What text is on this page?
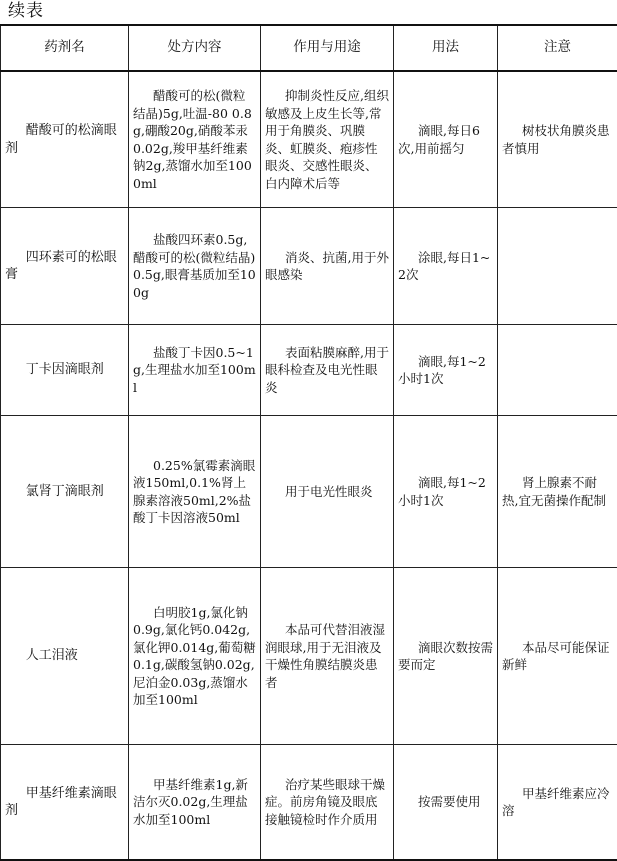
续表
药剂名	处方内容	作用与用途	用法	注意
醋酸可的松滴眼剂	醋酸可的松(微粒结晶)5g,吐温-80 0.8g,硼酸20g,硝酸苯汞0.02g,羧甲基纤维素钠2g,蒸馏水加至1000ml	抑制炎性反应,组织敏感及上皮生长等,常用于角膜炎、巩膜炎、虹膜炎、疱疹性眼炎、交感性眼炎、白内障术后等	滴眼,每日6次,用前摇匀	树枝状角膜炎患者慎用
四环素可的松眼膏	盐酸四环素0.5g,醋酸可的松(微粒结晶)0.5g,眼膏基质加至100g	消炎、抗菌,用于外眼感染	涂眼,每日1~2次	
丁卡因滴眼剂	盐酸丁卡因0.5~1g,生理盐水加至100ml	表面粘膜麻醉,用于眼科检查及电光性眼炎	滴眼,每1~2小时1次	
氯肾丁滴眼剂	0.25%氯霉素滴眼液150ml,0.1%肾上腺素溶液50ml,2%盐酸丁卡因溶液50ml	用于电光性眼炎	滴眼,每1~2小时1次	肾上腺素不耐热,宜无菌操作配制
人工泪液	白明胶1g,氯化钠0.9g,氯化钙0.042g,氯化钾0.014g,葡萄糖0.1g,碳酸氢钠0.02g,尼泊金0.03g,蒸馏水加至100ml	本品可代替泪液湿润眼球,用于无泪液及干燥性角膜结膜炎患者	滴眼次数按需要而定	本品尽可能保证新鲜
甲基纤维素滴眼剂	甲基纤维素1g,新洁尔灭0.02g,生理盐水加至100ml	治疗某些眼球干燥症。前房角镜及眼底接触镜检时作介质用	按需要使用	甲基纤维素应冷溶
